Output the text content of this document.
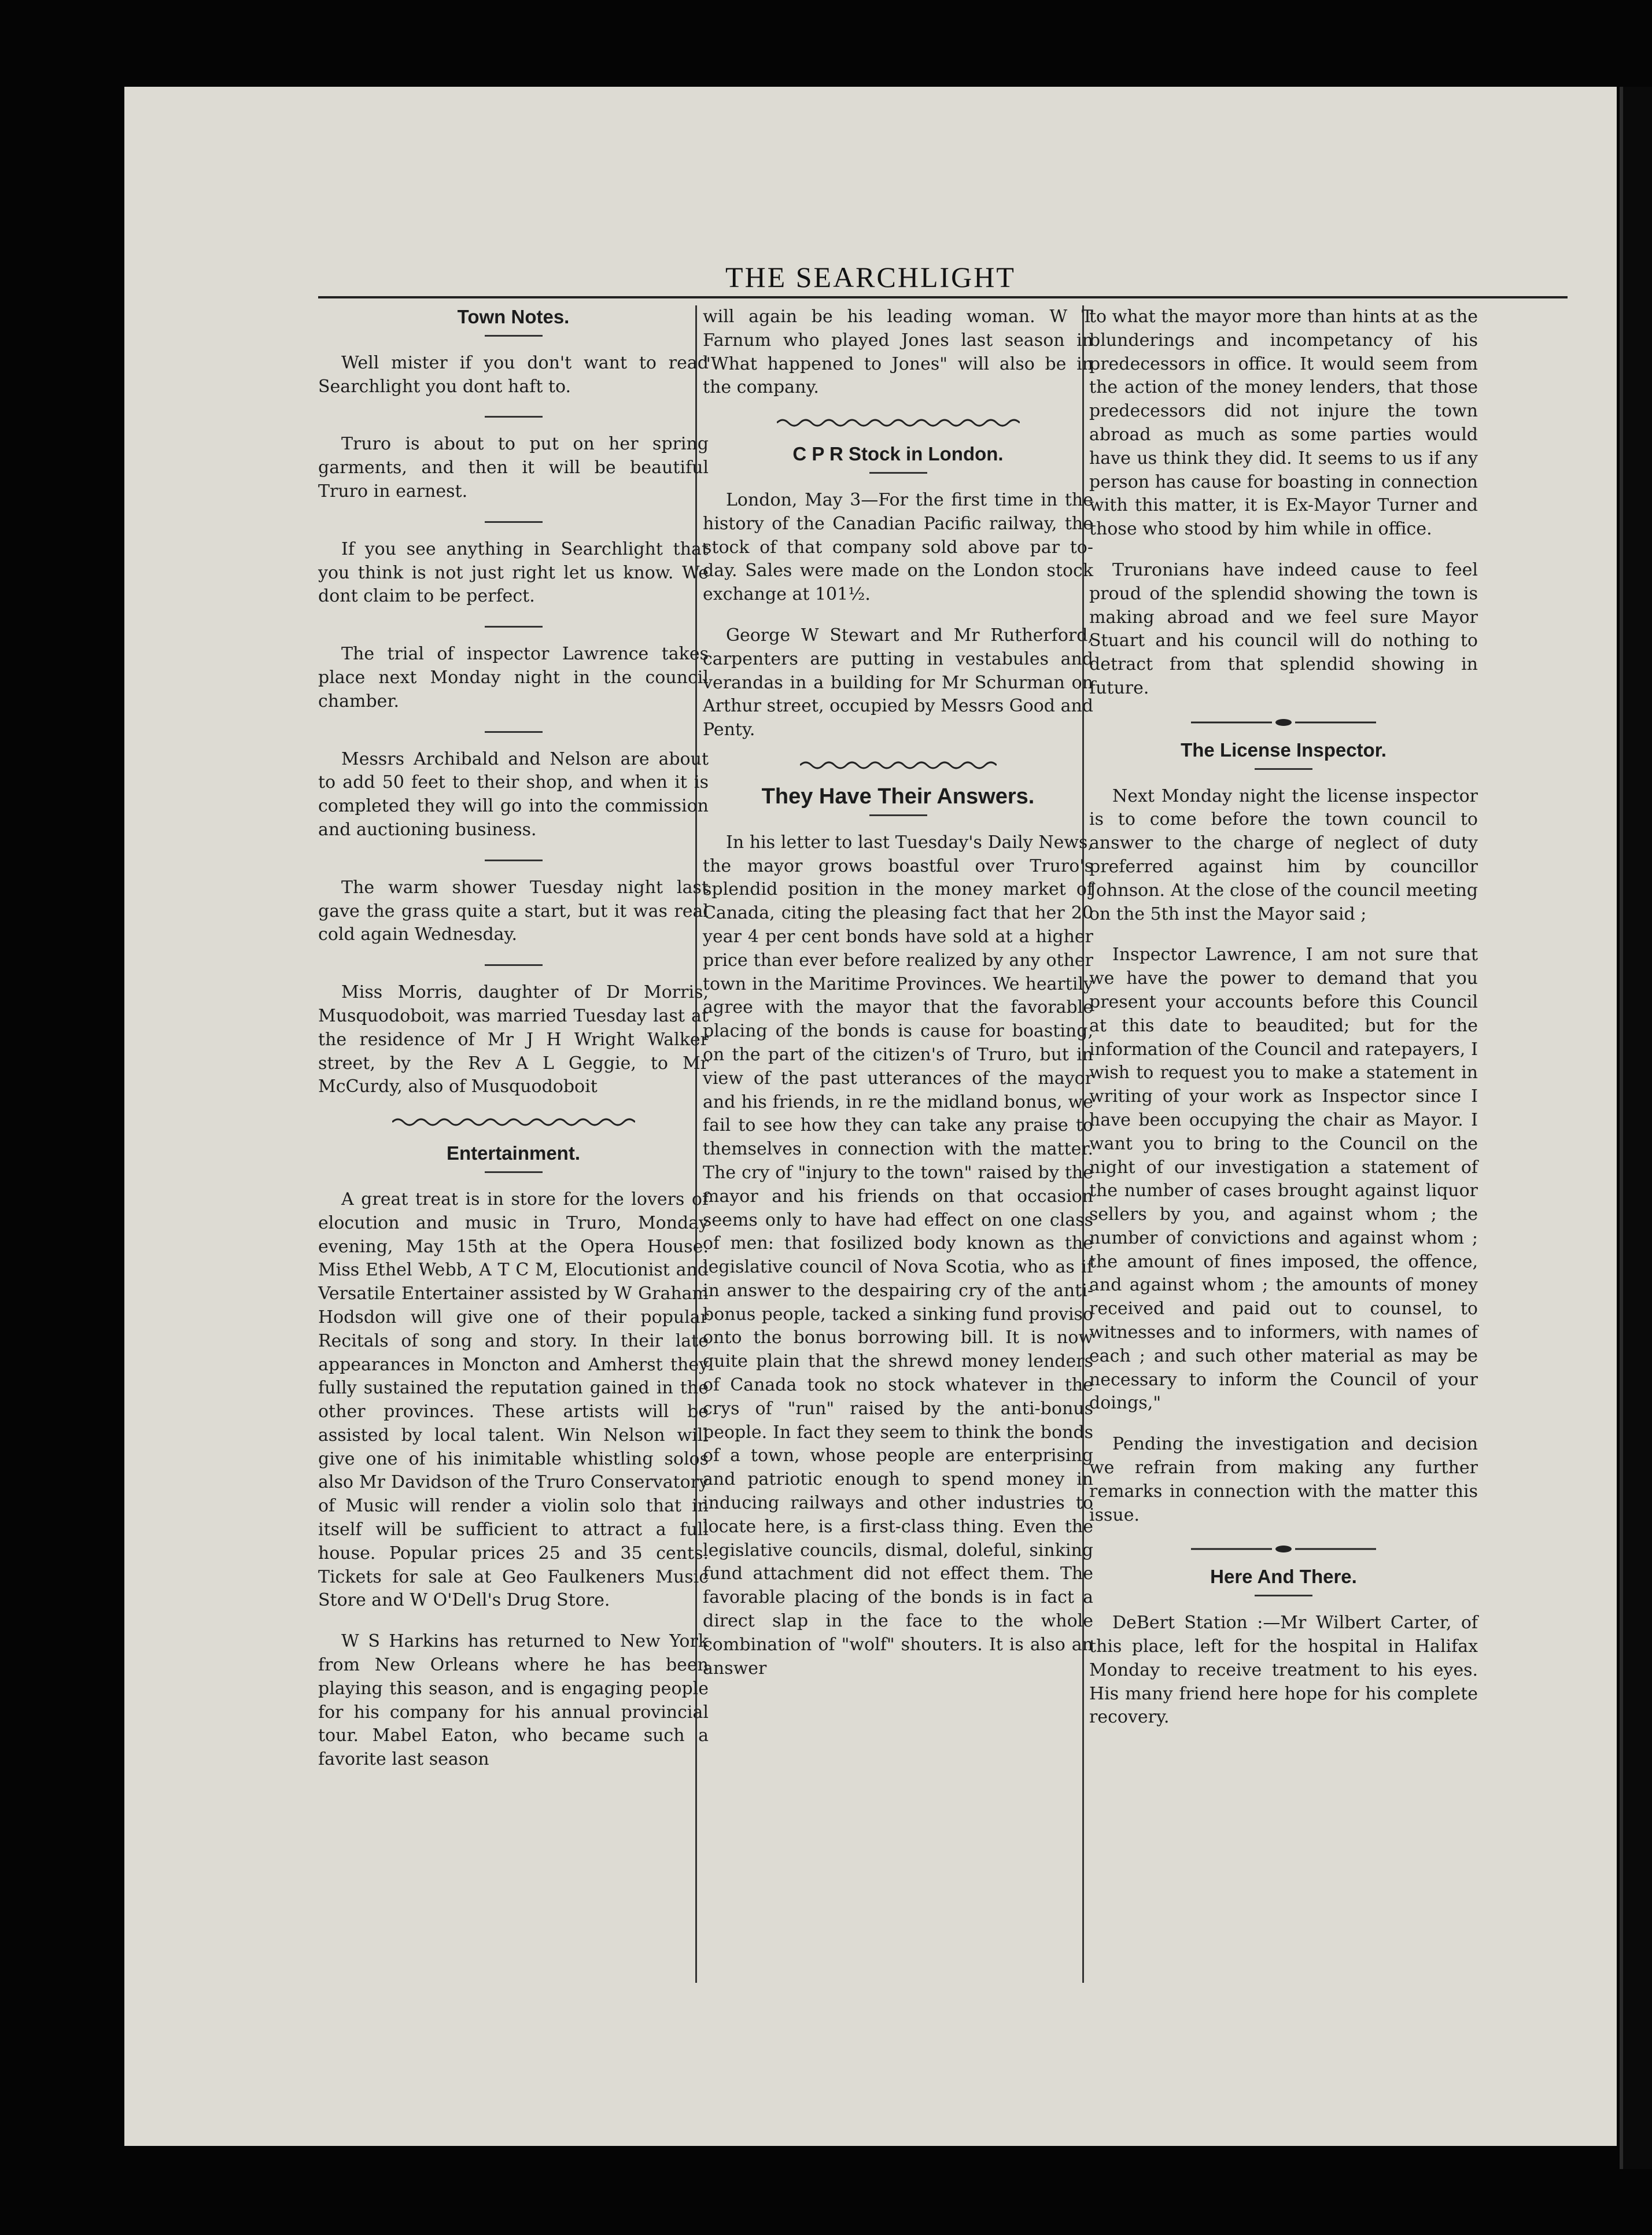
THE SEARCHLIGHT
Town Notes.

Well mister if you don't want to read Searchlight you dont haft to.

Truro is about to put on her spring garments, and then it will be beautiful Truro in earnest.

If you see anything in Searchlight that you think is not just right let us know. We dont claim to be perfect.

The trial of inspector Lawrence takes place next Monday night in the council chamber.

Messrs Archibald and Nelson are about to add 50 feet to their shop, and when it is completed they will go into the commission and auctioning business.

The warm shower Tuesday night last gave the grass quite a start, but it was real cold again Wednesday.

Miss Morris, daughter of Dr Morris, Musquodoboit, was married Tuesday last at the residence of Mr J H Wright Walker street, by the Rev A L Geggie, to Mr McCurdy, also of Musquodoboit

Entertainment.

A great treat is in store for the lovers of elocution and music in Truro, Monday evening, May 15th at the Opera House. Miss Ethel Webb, A T C M, Elocutionist and Versatile Entertainer assisted by W Graham Hodsdon will give one of their popular Recitals of song and story. In their late appearances in Moncton and Amherst they fully sustained the reputation gained in the other provinces. These artists will be assisted by local talent. Win Nelson will give one of his inimitable whistling solos also Mr Davidson of the Truro Conservatory of Music will render a violin solo that in itself will be sufficient to attract a full house. Popular prices 25 and 35 cents. Tickets for sale at Geo Faulkeners Music Store and W O'Dell's Drug Store.

W S Harkins has returned to New York from New Orleans where he has been playing this season, and is engaging people for his company for his annual provincial tour. Mabel Eaton, who became such a favorite last season

will again be his leading woman. W T Farnum who played Jones last season in "What happened to Jones" will also be in the company.

C P R Stock in London.

London, May 3—For the first time in the history of the Canadian Pacific railway, the stock of that company sold above par to-day. Sales were made on the London stock exchange at 101½.

George W Stewart and Mr Rutherford, carpenters are putting in vestabules and verandas in a building for Mr Schurman on Arthur street, occupied by Messrs Good and Penty.

They Have Their Answers.

In his letter to last Tuesday's Daily News, the mayor grows boastful over Truro's splendid position in the money market of Canada, citing the pleasing fact that her 20 year 4 per cent bonds have sold at a higher price than ever before realized by any other town in the Maritime Provinces. We heartily agree with the mayor that the favorable placing of the bonds is cause for boasting, on the part of the citizen's of Truro, but in view of the past utterances of the mayor and his friends, in re the midland bonus, we fail to see how they can take any praise to themselves in connection with the matter. The cry of "injury to the town" raised by the mayor and his friends on that occasion seems only to have had effect on one class of men: that fosilized body known as the legislative council of Nova Scotia, who as if in answer to the despairing cry of the anti-bonus people, tacked a sinking fund proviso onto the bonus borrowing bill. It is now quite plain that the shrewd money lenders of Canada took no stock whatever in the crys of "run" raised by the anti-bonus people. In fact they seem to think the bonds of a town, whose people are enterprising and patriotic enough to spend money in inducing railways and other industries to locate here, is a first-class thing. Even the legislative councils, dismal, doleful, sinking fund attachment did not effect them. The favorable placing of the bonds is in fact a direct slap in the face to the whole combination of "wolf" shouters. It is also an answer

to what the mayor more than hints at as the blunderings and incompetancy of his predecessors in office. It would seem from the action of the money lenders, that those predecessors did not injure the town abroad as much as some parties would have us think they did. It seems to us if any person has cause for boasting in connection with this matter, it is Ex-Mayor Turner and those who stood by him while in office.

Truronians have indeed cause to feel proud of the splendid showing the town is making abroad and we feel sure Mayor Stuart and his council will do nothing to detract from that splendid showing in future.

The License Inspector.

Next Monday night the license inspector is to come before the town council to answer to the charge of neglect of duty preferred against him by councillor Johnson. At the close of the council meeting on the 5th inst the Mayor said ;

Inspector Lawrence, I am not sure that we have the power to demand that you present your accounts before this Council at this date to beaudited; but for the information of the Council and ratepayers, I wish to request you to make a statement in writing of your work as Inspector since I have been occupying the chair as Mayor. I want you to bring to the Council on the night of our investigation a statement of the number of cases brought against liquor sellers by you, and against whom ; the number of convictions and against whom ; the amount of fines imposed, the offence, and against whom ; the amounts of money received and paid out to counsel, to witnesses and to informers, with names of each ; and such other material as may be necessary to inform the Council of your doings,"

Pending the investigation and decision we refrain from making any further remarks in connection with the matter this issue.

Here And There.

DeBert Station :—Mr Wilbert Carter, of this place, left for the hospital in Halifax Monday to receive treatment to his eyes. His many friend here hope for his complete recovery.
